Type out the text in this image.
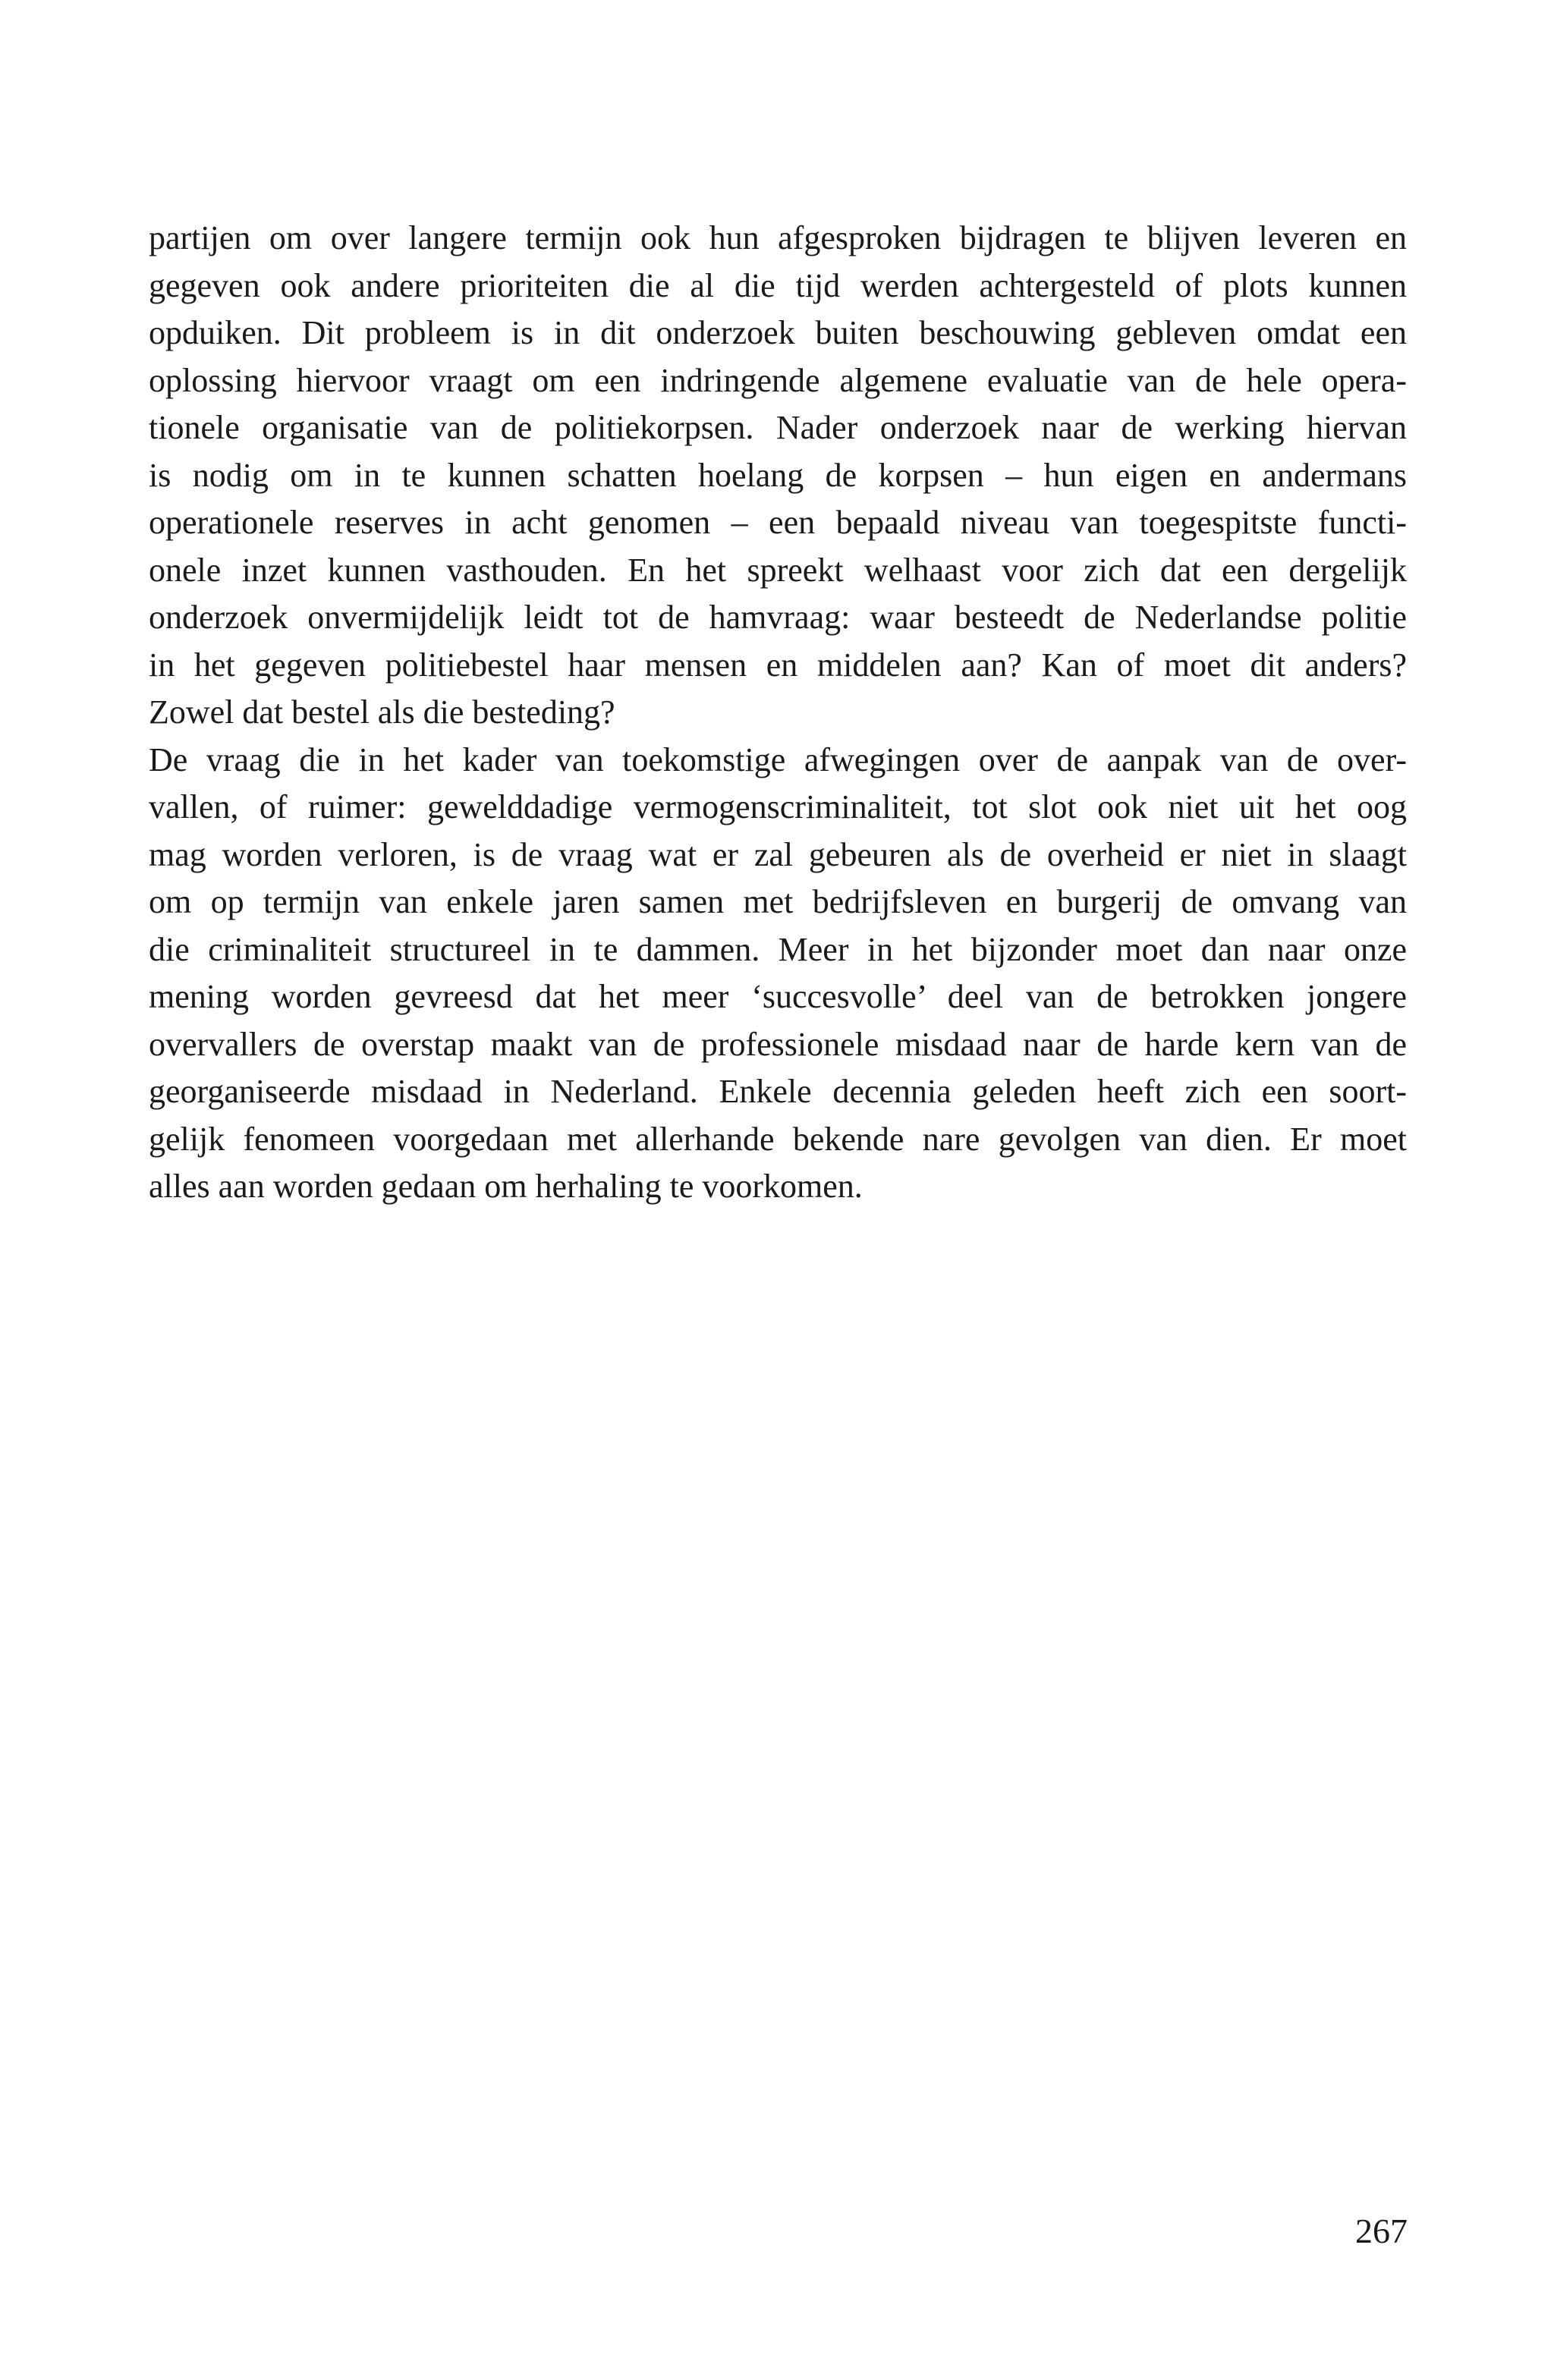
partijen om over langere termijn ook hun afgesproken bijdragen te blijven leveren en
gegeven ook andere prioriteiten die al die tijd werden achtergesteld of plots kunnen
opduiken. Dit probleem is in dit onderzoek buiten beschouwing gebleven omdat een
oplossing hiervoor vraagt om een indringende algemene evaluatie van de hele opera-
tionele organisatie van de politiekorpsen. Nader onderzoek naar de werking hiervan
is nodig om in te kunnen schatten hoelang de korpsen – hun eigen en andermans
operationele reserves in acht genomen – een bepaald niveau van toegespitste functi-
onele inzet kunnen vasthouden. En het spreekt welhaast voor zich dat een dergelijk
onderzoek onvermijdelijk leidt tot de hamvraag: waar besteedt de Nederlandse politie
in het gegeven politiebestel haar mensen en middelen aan? Kan of moet dit anders?
Zowel dat bestel als die besteding?
De vraag die in het kader van toekomstige afwegingen over de aanpak van de over-
vallen, of ruimer: gewelddadige vermogenscriminaliteit, tot slot ook niet uit het oog
mag worden verloren, is de vraag wat er zal gebeuren als de overheid er niet in slaagt
om op termijn van enkele jaren samen met bedrijfsleven en burgerij de omvang van
die criminaliteit structureel in te dammen. Meer in het bijzonder moet dan naar onze
mening worden gevreesd dat het meer ‘succesvolle’ deel van de betrokken jongere
overvallers de overstap maakt van de professionele misdaad naar de harde kern van de
georganiseerde misdaad in Nederland. Enkele decennia geleden heeft zich een soort-
gelijk fenomeen voorgedaan met allerhande bekende nare gevolgen van dien. Er moet
alles aan worden gedaan om herhaling te voorkomen.
267
